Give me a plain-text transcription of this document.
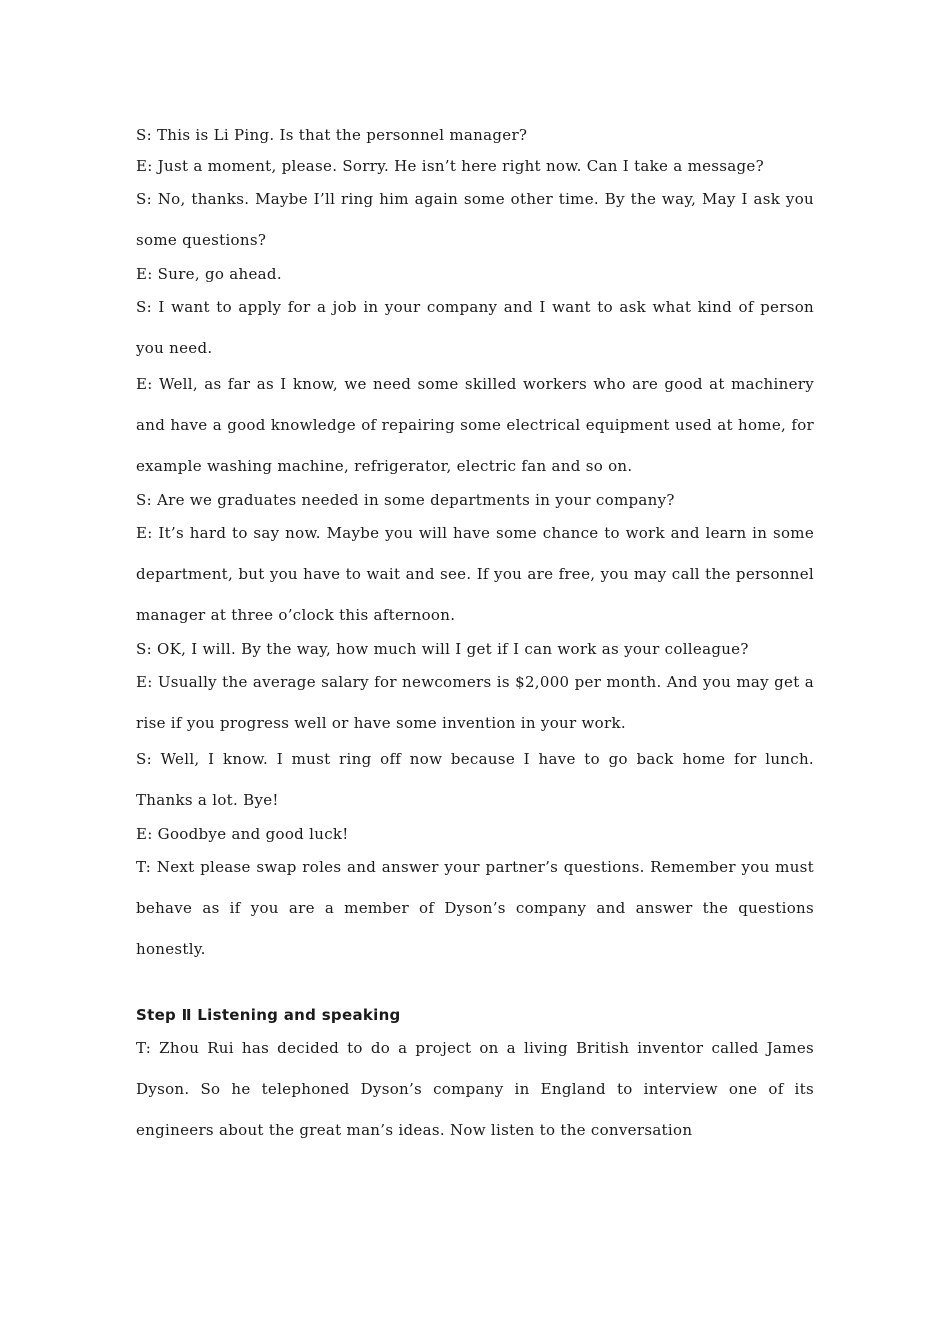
S: This is Li Ping. Is that the personnel manager?

E: Just a moment, please. Sorry. He isn’t here right now. Can I take a message?

S: No, thanks. Maybe I’ll ring him again some other time. By the way, May I ask you some questions?

E: Sure, go ahead.

S: I want to apply for a job in your company and I want to ask what kind of person you need.

E: Well, as far as I know, we need some skilled workers who are good at machinery and have a good knowledge of repairing some electrical equipment used at home, for example washing machine, refrigerator, electric fan and so on.

S: Are we graduates needed in some departments in your company?

E: It’s hard to say now. Maybe you will have some chance to work and learn in some department, but you have to wait and see. If you are free, you may call the personnel manager at three o’clock this afternoon.

S: OK, I will. By the way, how much will I get if I can work as your colleague?

E: Usually the average salary for newcomers is $2,000 per month. And you may get a rise if you progress well or have some invention in your work.

S: Well, I know. I must ring off now because I have to go back home for lunch. Thanks a lot. Bye!

E: Goodbye and good luck!

T: Next please swap roles and answer your partner’s questions. Remember you must behave as if you are a member of Dyson’s company and answer the questions honestly.

Step Ⅱ Listening and speaking

T: Zhou Rui has decided to do a project on a living British inventor called James Dyson. So he telephoned Dyson’s company in England to interview one of its engineers about the great man’s ideas. Now listen to the conversation
